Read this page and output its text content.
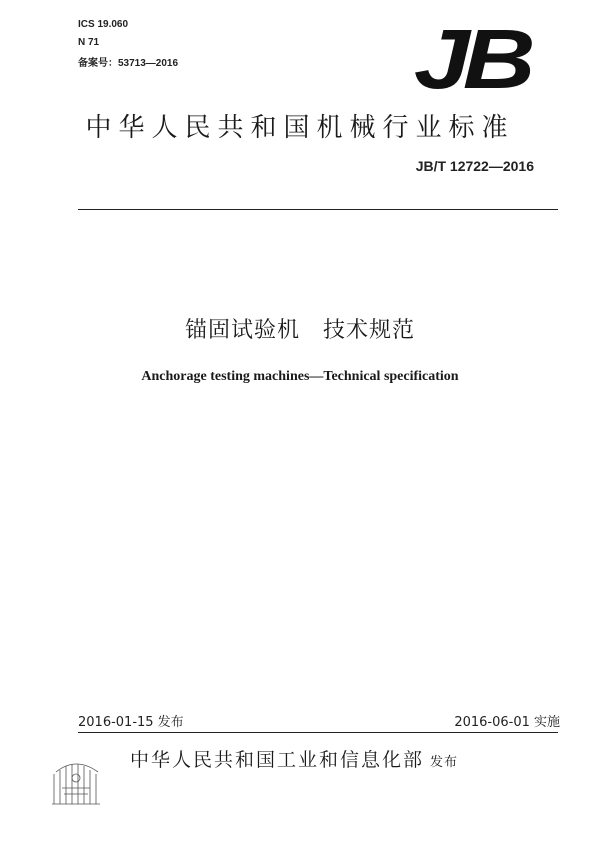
ICS 19.060
N 71
备案号：53713—2016	JB
中华人民共和国机械行业标准
JB/T 12722—2016
锚固试验机　技术规范
Anchorage testing machines—Technical specification
2016-01-15 发布	2016-06-01 实施
中华人民共和国工业和信息化部 发布
